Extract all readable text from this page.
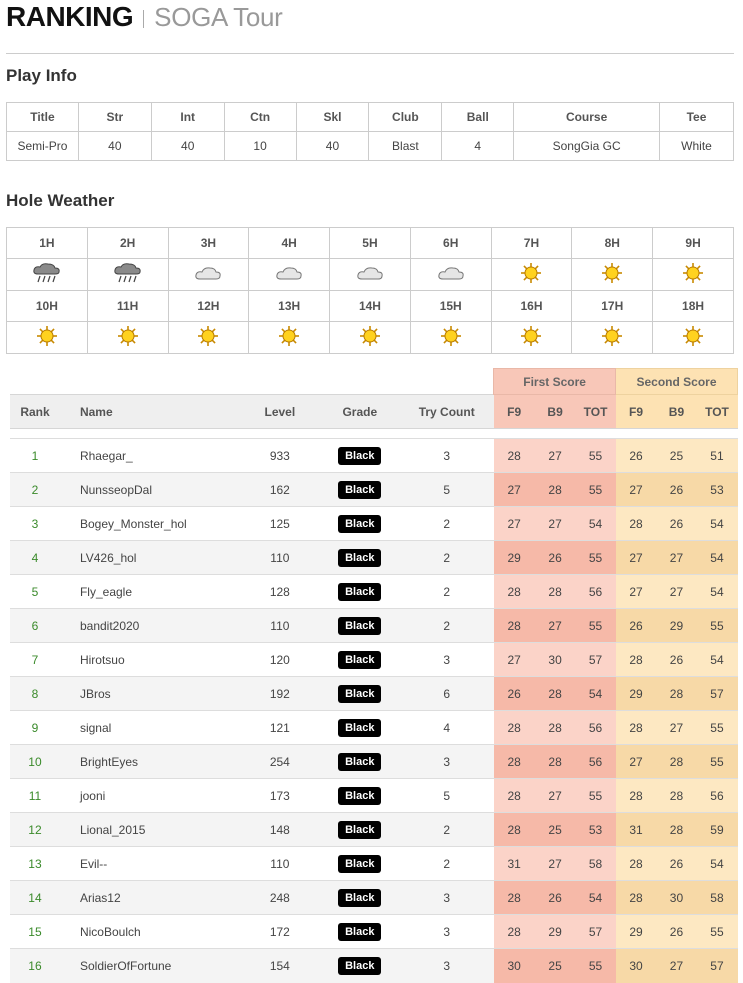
RANKING SOGA Tour
Play Info
Title	Str	Int	Ctn	Skl	Club	Ball	Course	Tee
Semi-Pro	40	40	10	40	Blast	4	SongGia GC	White
Hole Weather
1H	2H	3H	4H	5H	6H	7H	8H	9H

10H	11H	12H	13H	14H	15H	16H	17H	18H

					First Score			Second Score		
Rank	Name	Level	Grade	Try Count	F9	B9	TOT	F9	B9	TOT

1	Rhaegar_	933	Black	3	28	27	55	26	25	51
2	NunsseopDal	162	Black	5	27	28	55	27	26	53
3	Bogey_Monster_hol	125	Black	2	27	27	54	28	26	54
4	LV426_hol	110	Black	2	29	26	55	27	27	54
5	Fly_eagle	128	Black	2	28	28	56	27	27	54
6	bandit2020	110	Black	2	28	27	55	26	29	55
7	Hirotsuo	120	Black	3	27	30	57	28	26	54
8	JBros	192	Black	6	26	28	54	29	28	57
9	signal	121	Black	4	28	28	56	28	27	55
10	BrightEyes	254	Black	3	28	28	56	27	28	55
11	jooni	173	Black	5	28	27	55	28	28	56
12	Lional_2015	148	Black	2	28	25	53	31	28	59
13	Evil--	110	Black	2	31	27	58	28	26	54
14	Arias12	248	Black	3	28	26	54	28	30	58
15	NicoBoulch	172	Black	3	28	29	57	29	26	55
16	SoldierOfFortune	154	Black	3	30	25	55	30	27	57
